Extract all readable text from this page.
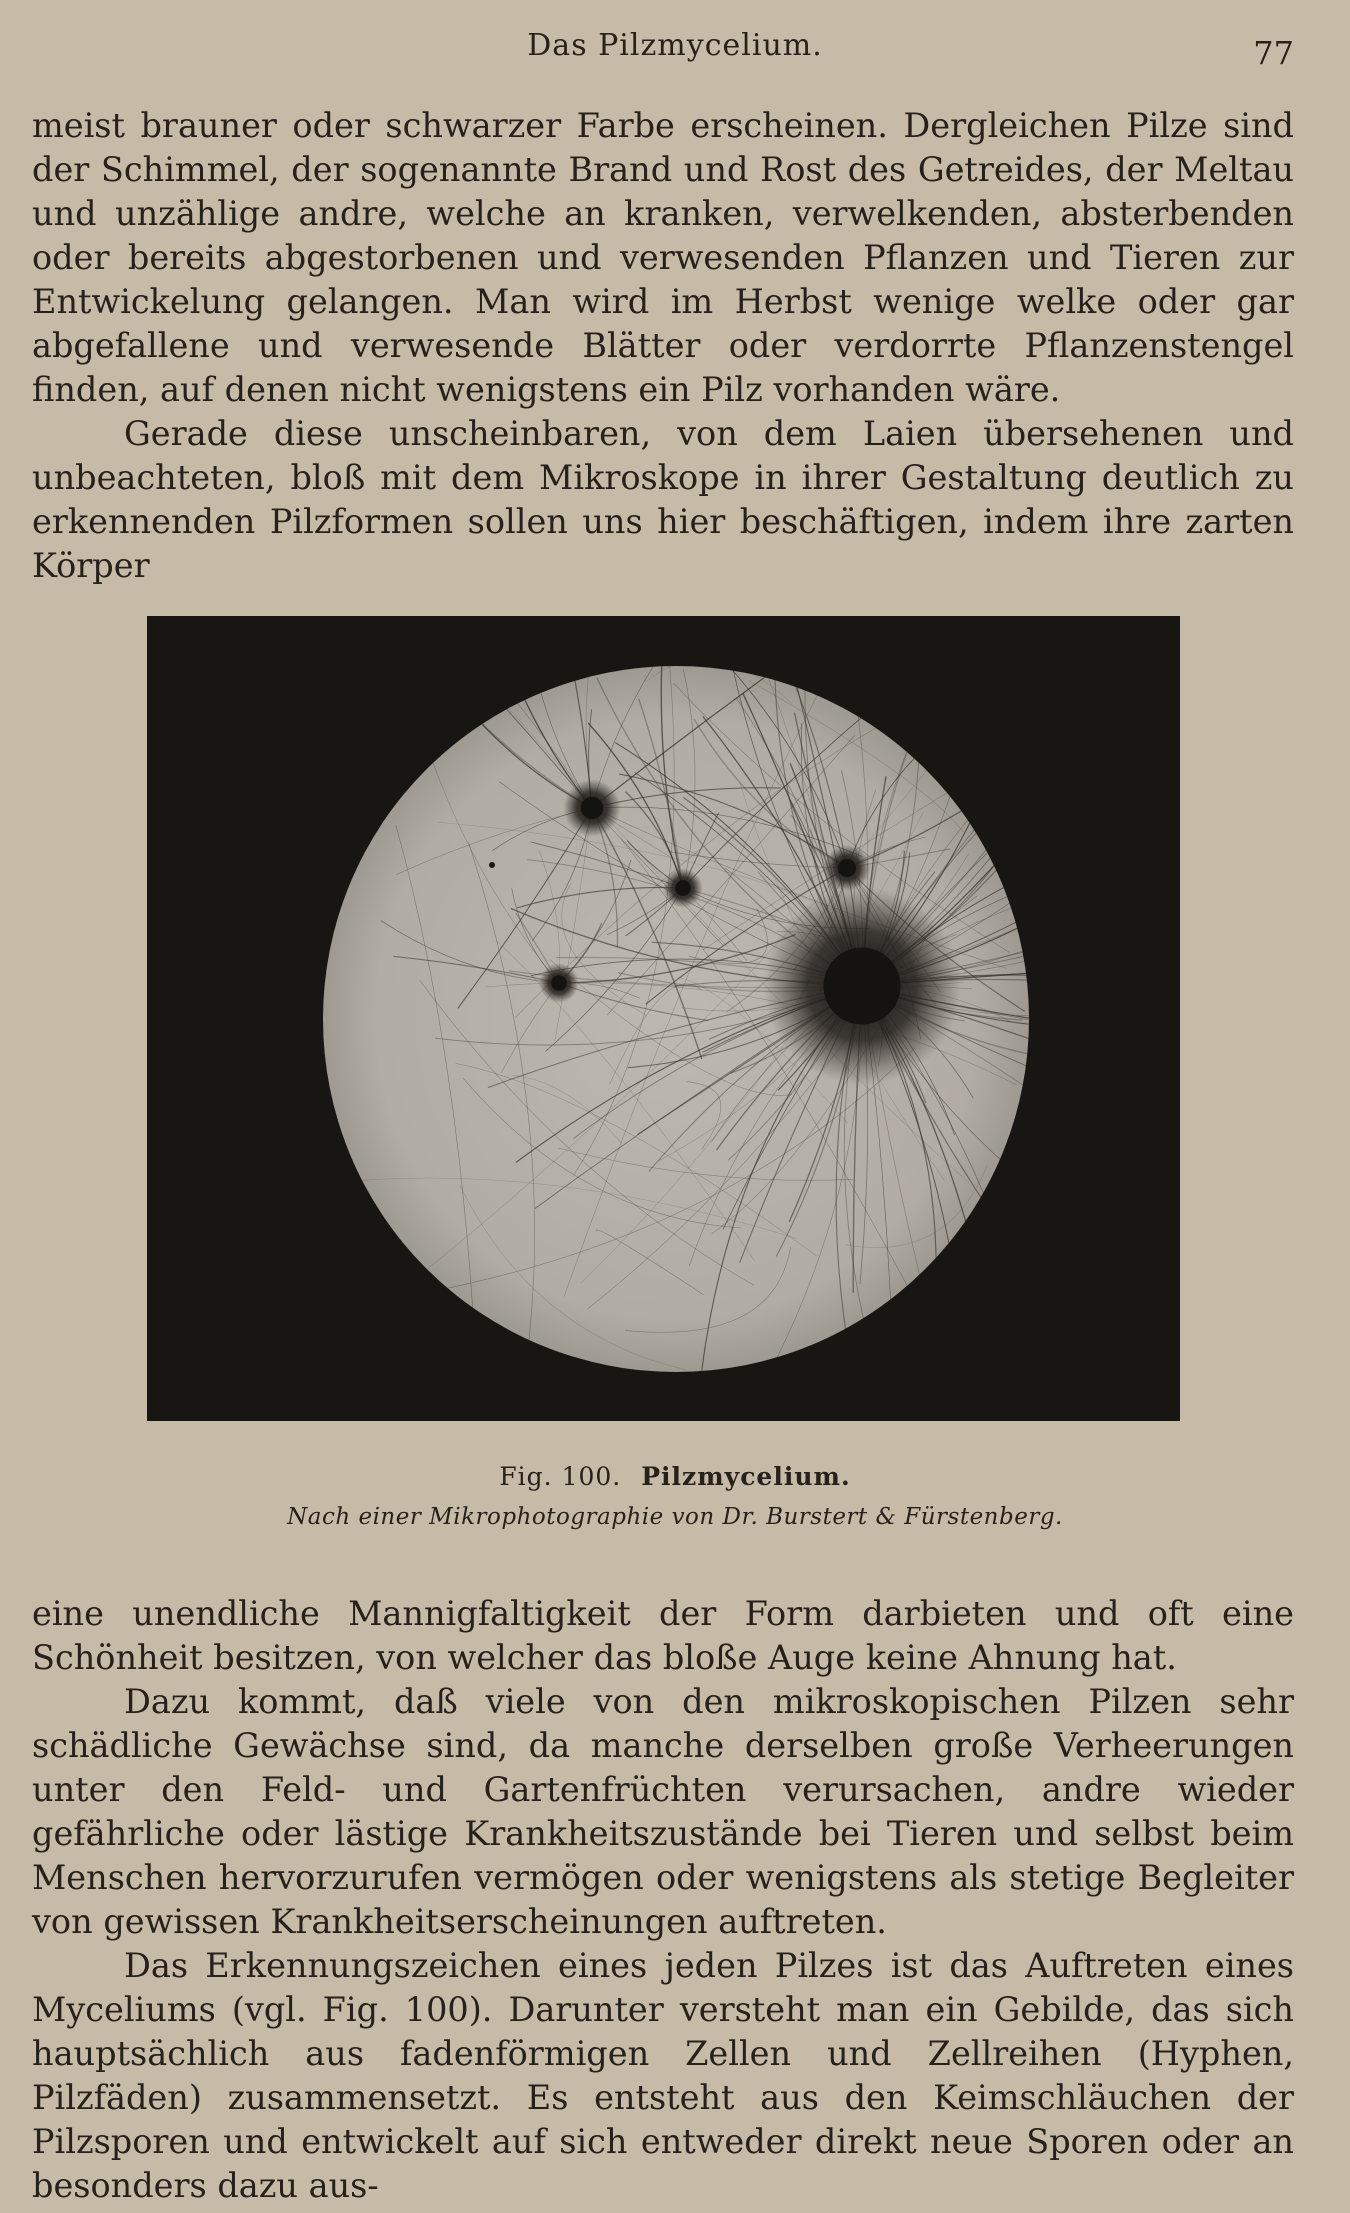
Das Pilzmycelium.	77

meist brauner oder schwarzer Farbe erscheinen. Dergleichen Pilze sind der Schimmel, der sogenannte Brand und Rost des Getreides, der Meltau und unzählige andre, welche an kranken, verwelkenden, absterbenden oder bereits abgestorbenen und verwesenden Pflanzen und Tieren zur Entwickelung gelangen. Man wird im Herbst wenige welke oder gar abgefallene und verwesende Blätter oder verdorrte Pflanzenstengel finden, auf denen nicht wenigstens ein Pilz vorhanden wäre.

Gerade diese unscheinbaren, von dem Laien übersehenen und unbeachteten, bloß mit dem Mikroskope in ihrer Gestaltung deutlich zu erkennenden Pilzformen sollen uns hier beschäftigen, indem ihre zarten Körper

Fig. 100. Pilzmycelium.
Nach einer Mikrophotographie von Dr. Burstert & Fürstenberg.

eine unendliche Mannigfaltigkeit der Form darbieten und oft eine Schönheit besitzen, von welcher das bloße Auge keine Ahnung hat.

Dazu kommt, daß viele von den mikroskopischen Pilzen sehr schädliche Gewächse sind, da manche derselben große Verheerungen unter den Feld- und Gartenfrüchten verursachen, andre wieder gefährliche oder lästige Krankheitszustände bei Tieren und selbst beim Menschen hervorzurufen vermögen oder wenigstens als stetige Begleiter von gewissen Krankheitserscheinungen auftreten.

Das Erkennungszeichen eines jeden Pilzes ist das Auftreten eines Myceliums (vgl. Fig. 100). Darunter versteht man ein Gebilde, das sich hauptsächlich aus fadenförmigen Zellen und Zellreihen (Hyphen, Pilzfäden) zusammensetzt. Es entsteht aus den Keimschläuchen der Pilzsporen und entwickelt auf sich entweder direkt neue Sporen oder an besonders dazu aus-
